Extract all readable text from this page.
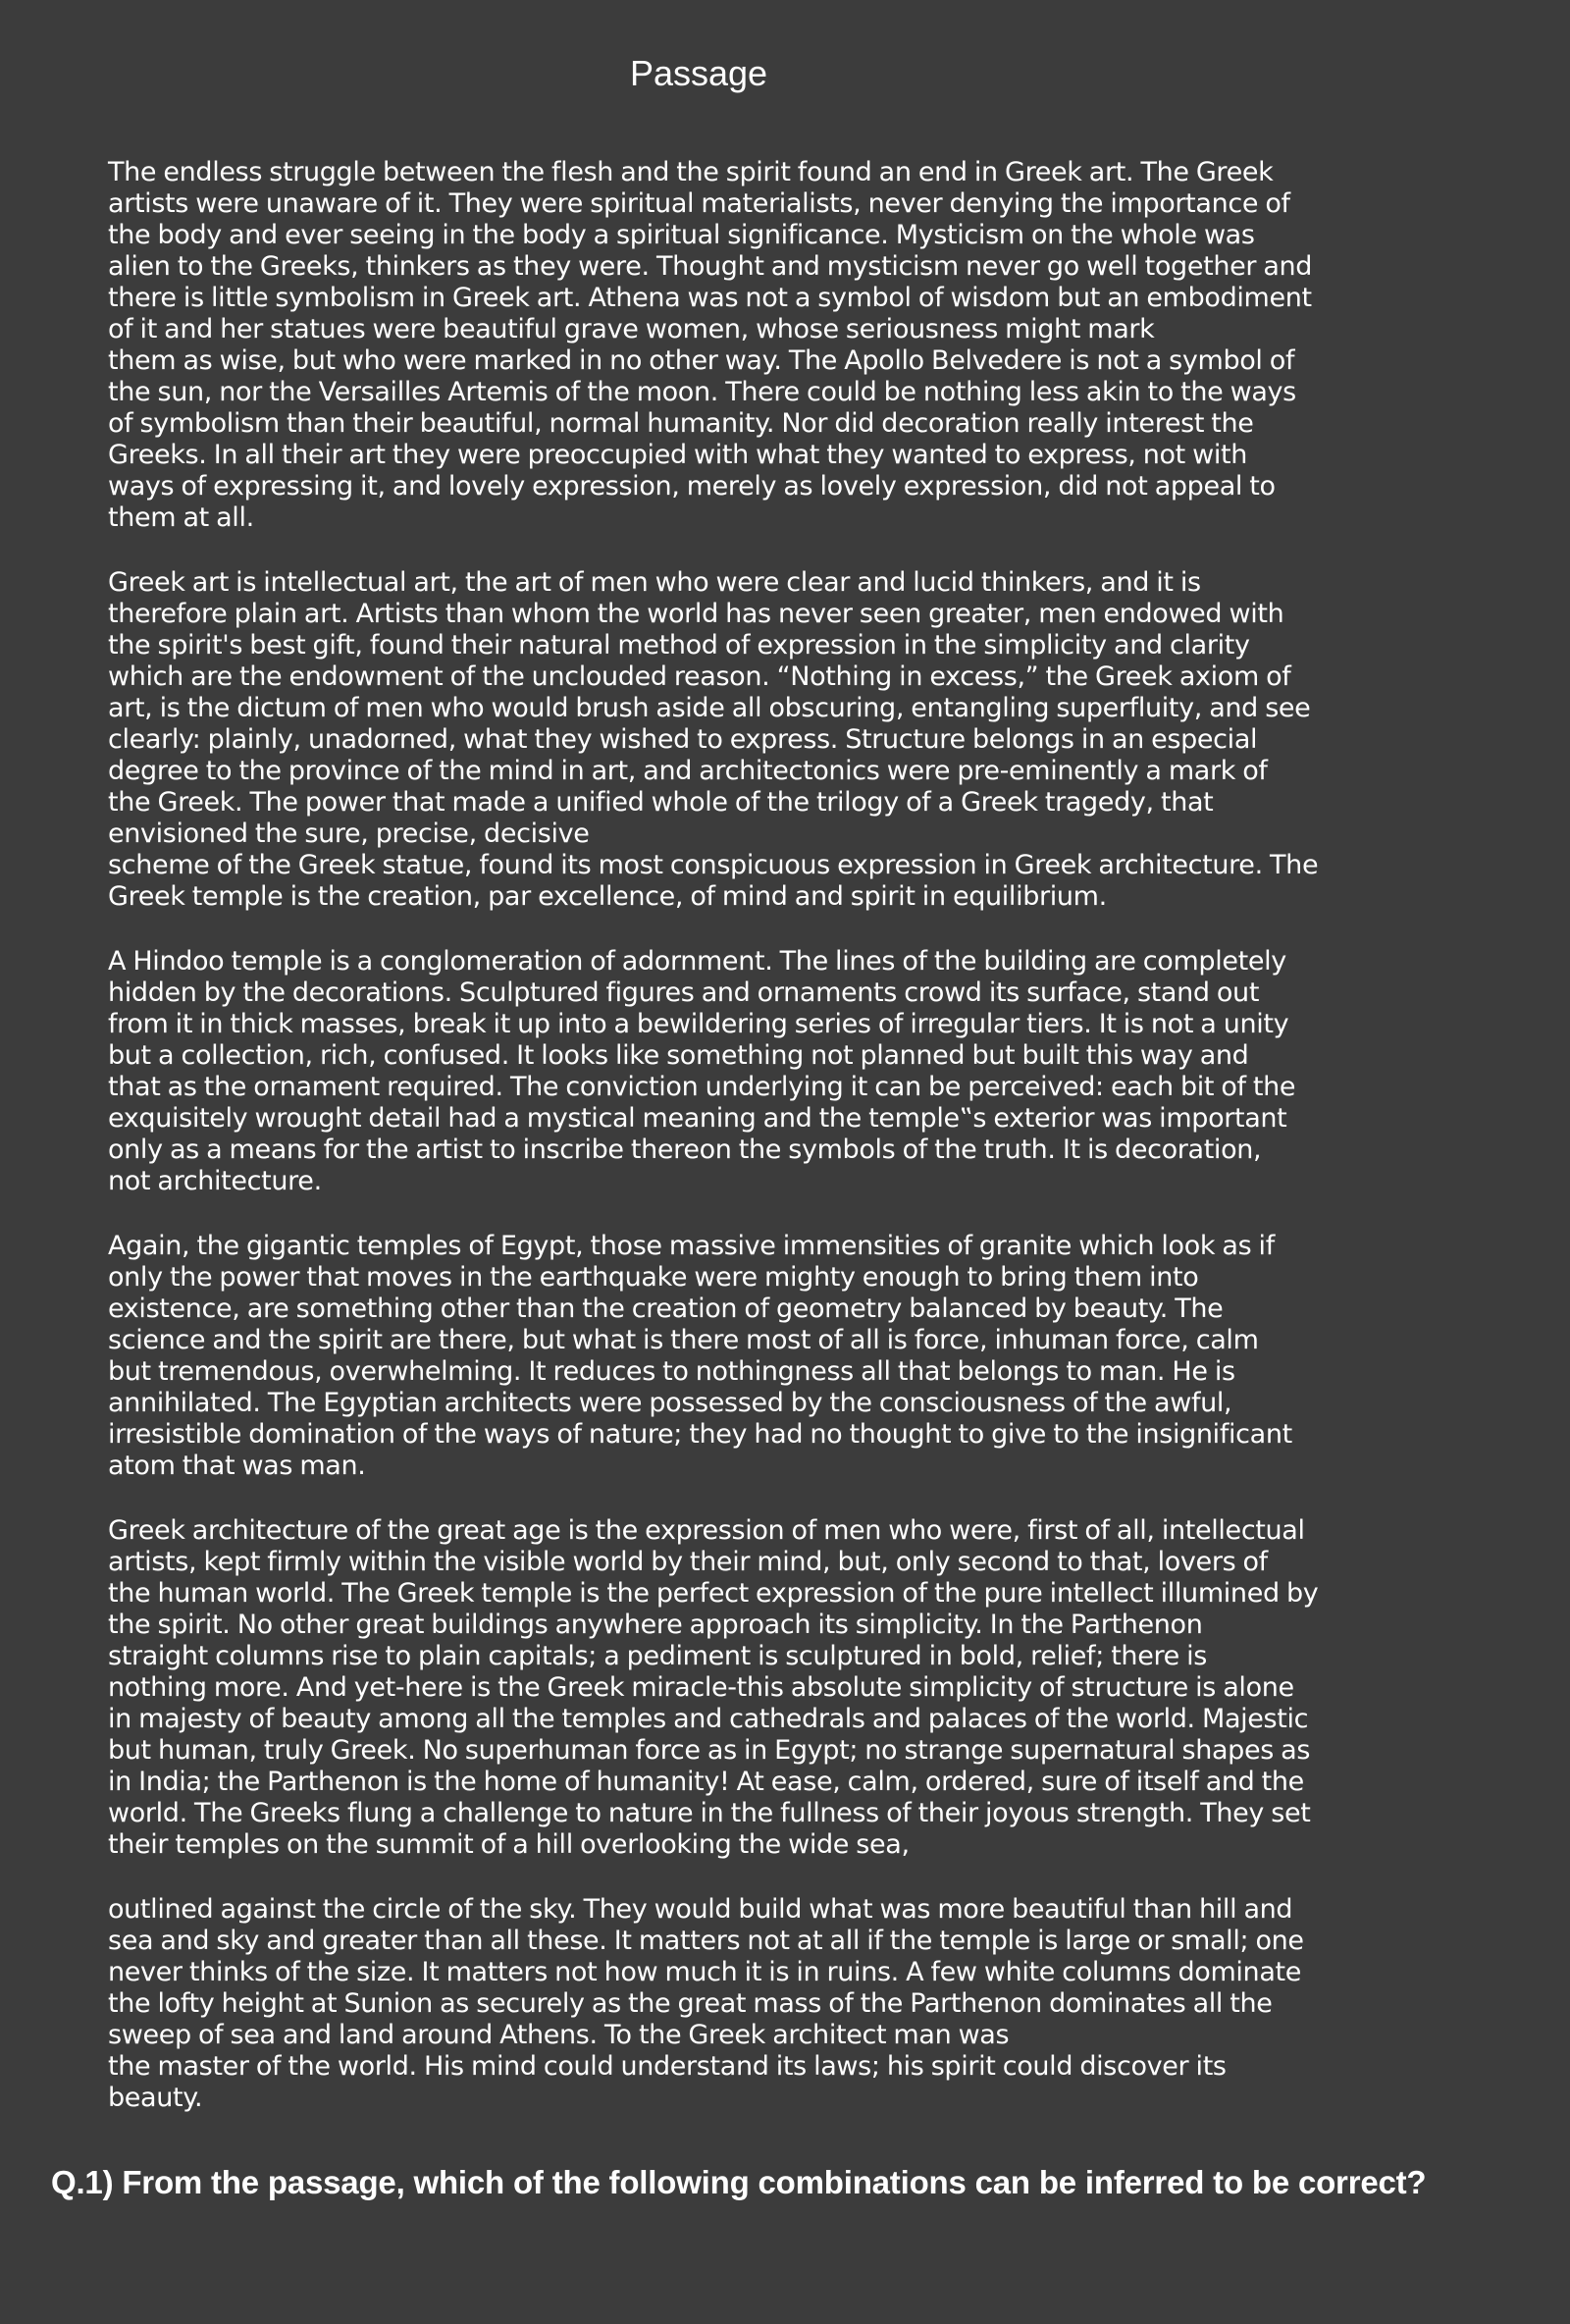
Passage

The endless struggle between the flesh and the spirit found an end in Greek art. The Greek
artists were unaware of it. They were spiritual materialists, never denying the importance of
the body and ever seeing in the body a spiritual significance. Mysticism on the whole was
alien to the Greeks, thinkers as they were. Thought and mysticism never go well together and
there is little symbolism in Greek art. Athena was not a symbol of wisdom but an embodiment
of it and her statues were beautiful grave women, whose seriousness might mark
them as wise, but who were marked in no other way. The Apollo Belvedere is not a symbol of
the sun, nor the Versailles Artemis of the moon. There could be nothing less akin to the ways
of symbolism than their beautiful, normal humanity. Nor did decoration really interest the
Greeks. In all their art they were preoccupied with what they wanted to express, not with
ways of expressing it, and lovely expression, merely as lovely expression, did not appeal to
them at all.

Greek art is intellectual art, the art of men who were clear and lucid thinkers, and it is
therefore plain art. Artists than whom the world has never seen greater, men endowed with
the spirit's best gift, found their natural method of expression in the simplicity and clarity
which are the endowment of the unclouded reason. “Nothing in excess,” the Greek axiom of
art, is the dictum of men who would brush aside all obscuring, entangling superfluity, and see
clearly: plainly, unadorned, what they wished to express. Structure belongs in an especial
degree to the province of the mind in art, and architectonics were pre-eminently a mark of
the Greek. The power that made a unified whole of the trilogy of a Greek tragedy, that
envisioned the sure, precise, decisive
scheme of the Greek statue, found its most conspicuous expression in Greek architecture. The
Greek temple is the creation, par excellence, of mind and spirit in equilibrium.

A Hindoo temple is a conglomeration of adornment. The lines of the building are completely
hidden by the decorations. Sculptured figures and ornaments crowd its surface, stand out
from it in thick masses, break it up into a bewildering series of irregular tiers. It is not a unity
but a collection, rich, confused. It looks like something not planned but built this way and
that as the ornament required. The conviction underlying it can be perceived: each bit of the
exquisitely wrought detail had a mystical meaning and the temple‟s exterior was important
only as a means for the artist to inscribe thereon the symbols of the truth. It is decoration,
not architecture.

Again, the gigantic temples of Egypt, those massive immensities of granite which look as if
only the power that moves in the earthquake were mighty enough to bring them into
existence, are something other than the creation of geometry balanced by beauty. The
science and the spirit are there, but what is there most of all is force, inhuman force, calm
but tremendous, overwhelming. It reduces to nothingness all that belongs to man. He is
annihilated. The Egyptian architects were possessed by the consciousness of the awful,
irresistible domination of the ways of nature; they had no thought to give to the insignificant
atom that was man.

Greek architecture of the great age is the expression of men who were, first of all, intellectual
artists, kept firmly within the visible world by their mind, but, only second to that, lovers of
the human world. The Greek temple is the perfect expression of the pure intellect illumined by
the spirit. No other great buildings anywhere approach its simplicity. In the Parthenon
straight columns rise to plain capitals; a pediment is sculptured in bold, relief; there is
nothing more. And yet-here is the Greek miracle-this absolute simplicity of structure is alone
in majesty of beauty among all the temples and cathedrals and palaces of the world. Majestic
but human, truly Greek. No superhuman force as in Egypt; no strange supernatural shapes as
in India; the Parthenon is the home of humanity! At ease, calm, ordered, sure of itself and the
world. The Greeks flung a challenge to nature in the fullness of their joyous strength. They set
their temples on the summit of a hill overlooking the wide sea,

outlined against the circle of the sky. They would build what was more beautiful than hill and
sea and sky and greater than all these. It matters not at all if the temple is large or small; one
never thinks of the size. It matters not how much it is in ruins. A few white columns dominate
the lofty height at Sunion as securely as the great mass of the Parthenon dominates all the
sweep of sea and land around Athens. To the Greek architect man was
the master of the world. His mind could understand its laws; his spirit could discover its
beauty.

Q.1) From the passage, which of the following combinations can be inferred to be correct?
